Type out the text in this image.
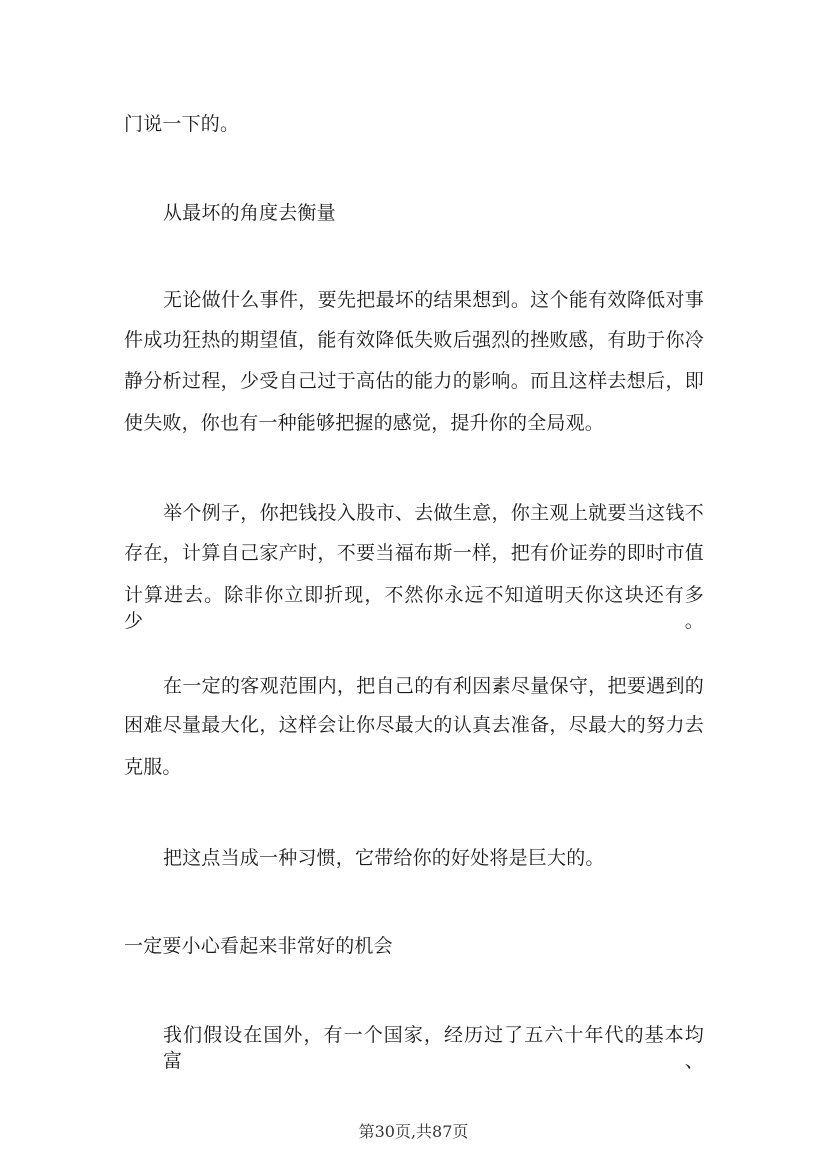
门说一下的。
从最坏的角度去衡量
无论做什么事件，要先把最坏的结果想到。这个能有效降低对事
件成功狂热的期望值，能有效降低失败后强烈的挫败感，有助于你冷
静分析过程，少受自己过于高估的能力的影响。而且这样去想后，即
使失败，你也有一种能够把握的感觉，提升你的全局观。
举个例子，你把钱投入股市、去做生意，你主观上就要当这钱不
存在，计算自己家产时，不要当福布斯一样，把有价证券的即时市值
计算进去。除非你立即折现，不然你永远不知道明天你这块还有多少。
在一定的客观范围内，把自己的有利因素尽量保守，把要遇到的
困难尽量最大化，这样会让你尽最大的认真去准备，尽最大的努力去
克服。
把这点当成一种习惯，它带给你的好处将是巨大的。
一定要小心看起来非常好的机会
我们假设在国外，有一个国家，经历过了五六十年代的基本均富、
第30页,共87页
